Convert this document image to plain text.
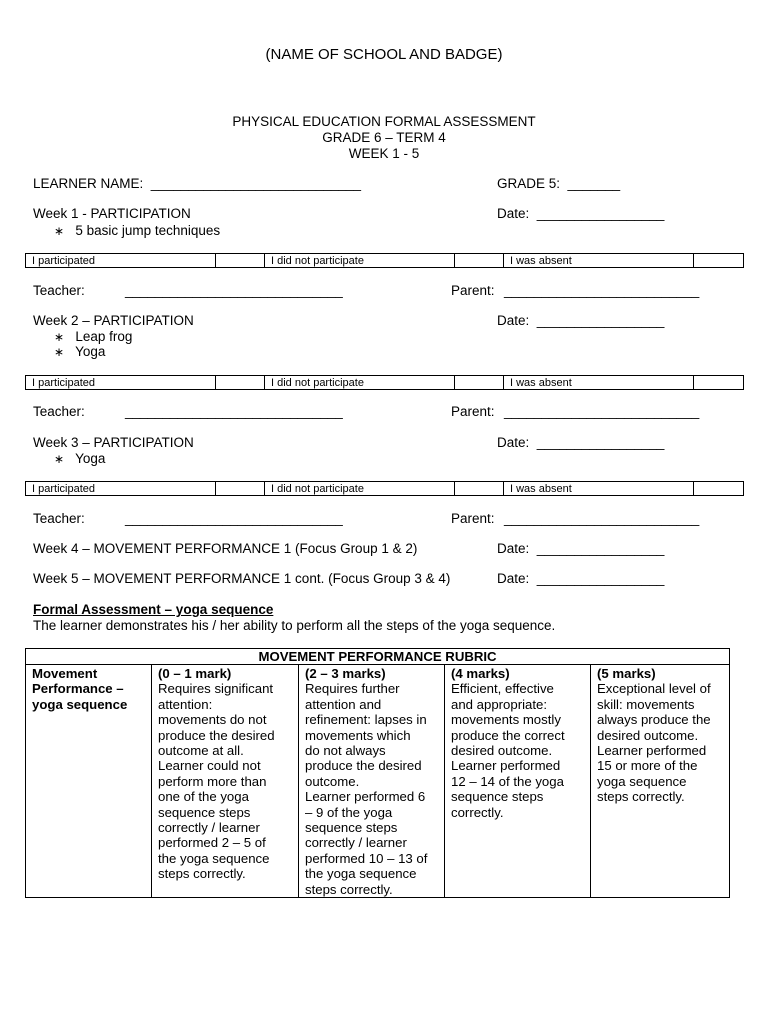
(NAME OF SCHOOL AND BADGE)
PHYSICAL EDUCATION FORMAL ASSESSMENT
GRADE 6 – TERM 4
WEEK 1 - 5
LEARNER NAME: ____________________________	GRADE 5: _______
Week 1 - PARTICIPATION	Date: _________________
∗ 5 basic jump techniques
I participated		I did not participate		I was absent	
Teacher:	_____________________________	Parent: __________________________
Week 2 – PARTICIPATION	Date: _________________
∗ Leap frog
∗ Yoga
I participated		I did not participate		I was absent	
Teacher:	_____________________________	Parent: __________________________
Week 3 – PARTICIPATION	Date: _________________
∗ Yoga
I participated		I did not participate		I was absent	
Teacher:	_____________________________	Parent: __________________________
Week 4 – MOVEMENT PERFORMANCE 1 (Focus Group 1 & 2)	Date: _________________
Week 5 – MOVEMENT PERFORMANCE 1 cont. (Focus Group 3 & 4)	Date: _________________
Formal Assessment – yoga sequence
The learner demonstrates his / her ability to perform all the steps of the yoga sequence.
MOVEMENT PERFORMANCE RUBRIC

Movement
Performance –
yoga sequence

(0 – 1 mark)
Requires significant
attention:
movements do not
produce the desired
outcome at all.
Learner could not
perform more than
one of the yoga
sequence steps
correctly / learner
performed 2 – 5 of
the yoga sequence
steps correctly.

(2 – 3 marks)
Requires further
attention and
refinement: lapses in
movements which
do not always
produce the desired
outcome.
Learner performed 6
– 9 of the yoga
sequence steps
correctly / learner
performed 10 – 13 of
the yoga sequence
steps correctly.

(4 marks)
Efficient, effective
and appropriate:
movements mostly
produce the correct
desired outcome.
Learner performed
12 – 14 of the yoga
sequence steps
correctly.

(5 marks)
Exceptional level of
skill: movements
always produce the
desired outcome.
Learner performed
15 or more of the
yoga sequence
steps correctly.
